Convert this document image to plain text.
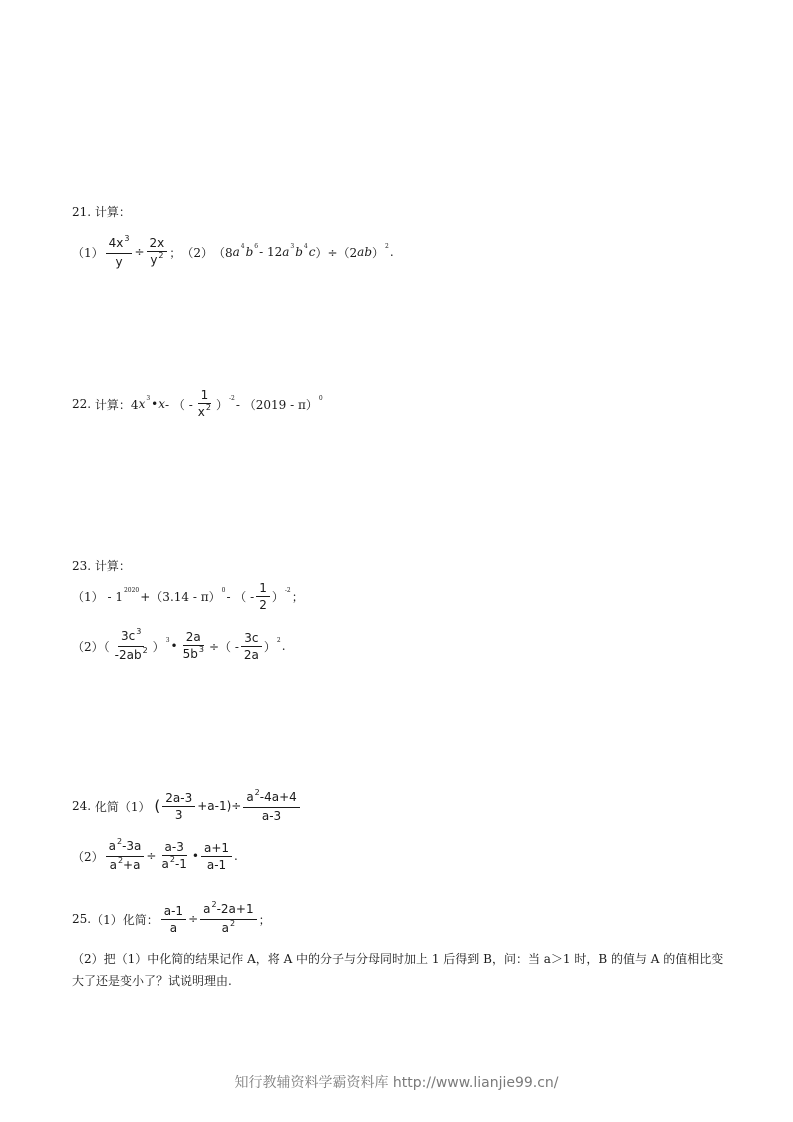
21.
计算：
$(1) \frac{4x^3}{y} \div \frac{2x}{y^2}$ ； （2） （8 a 4 b 6 - 12 a 3 b 4 c ）÷（2 ab ） 2 .
22.
计算：4 x 3 • x - （ - $\frac{1}{x^2}$ ） -2 - （2019 - π） 0
23.
计算：
（1） - 1 2020 +（3.14 - π） 0 - （ - $\frac{1}{2}$ ） -2 ；
$(2)( \frac{3c^3}{-2ab^2}$ ） 3 • $\frac{2a}{5b^3}$ ÷（ - $\frac{3c}{2a}$ ） 2 .
24.
化简（1）
( $\frac{2a-3}{3} +a-1)\div \frac{a^2-4a+4}{a-3}$
$(2) \frac{a^2-3a}{a^2+a} \div \frac{a-3}{a^2-1}$ • $\frac{a+1}{a-1}$ .
25. （1）化简： $\frac{a-1}{a} \div \frac{a^2-2a+1}{a^2}$ ；
（2）把（1）中化简的结果记作 A，将 A 中的分子与分母同时加上 1 后得到 B，问：当 a＞1 时，B 的值与 A 的值相比变大了还是变小了？试说明理由.
知行教辅资料学霸资料库 http://www.lianjie99.cn/
